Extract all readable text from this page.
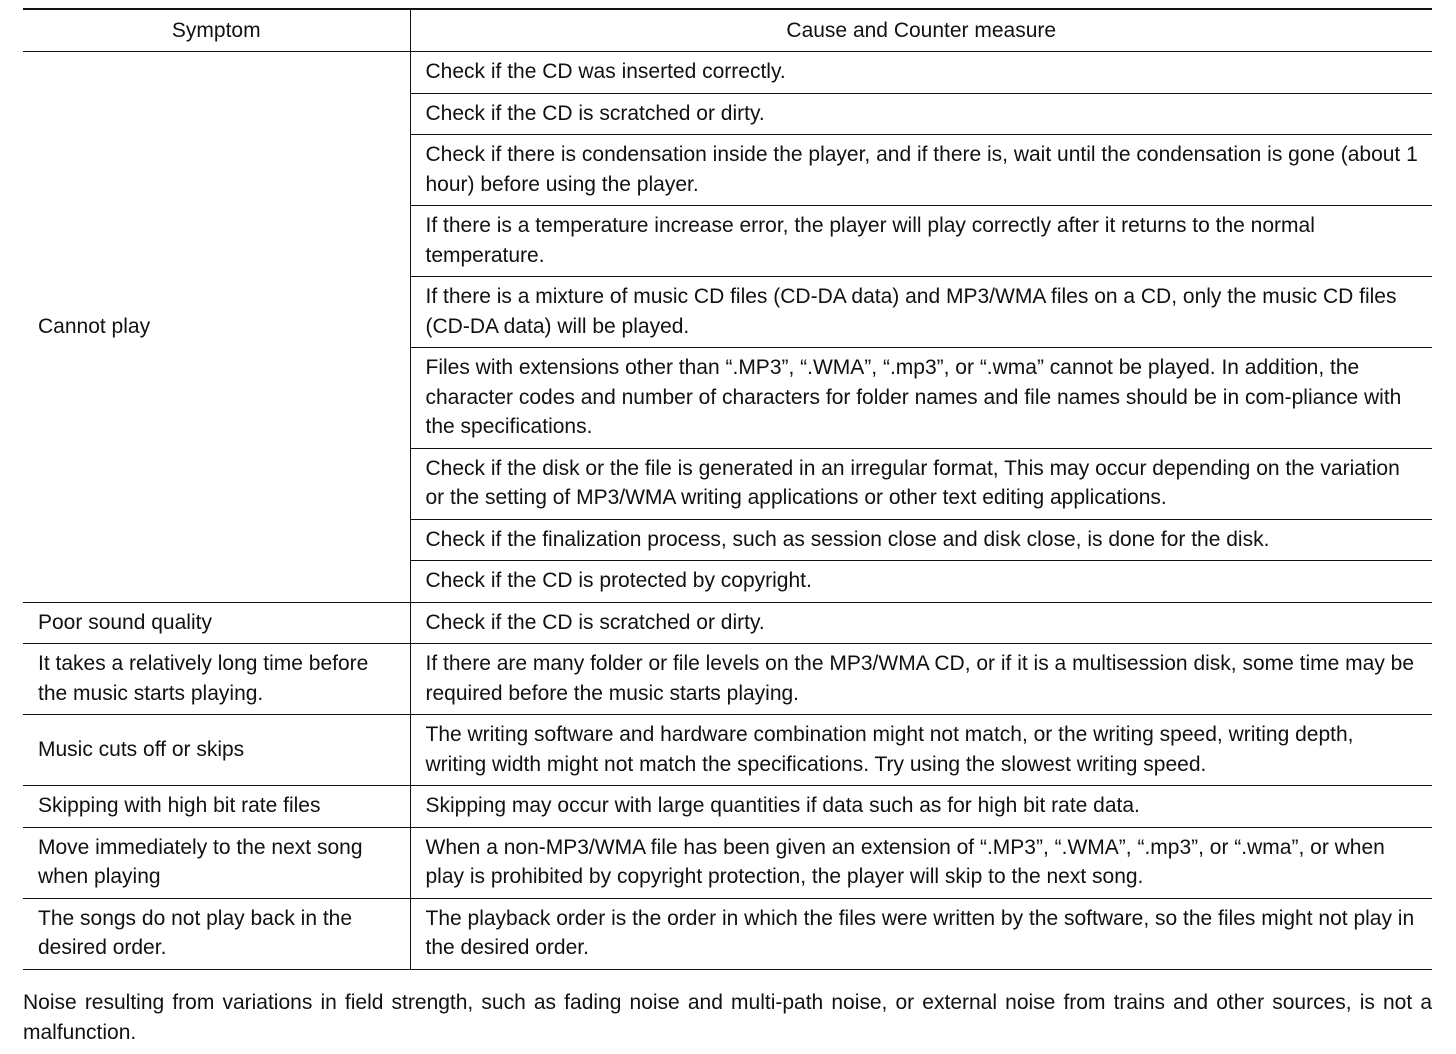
Symptom	Cause and Counter measure
Cannot play	Check if the CD was inserted correctly.
	Check if the CD is scratched or dirty.
	Check if there is condensation inside the player, and if there is, wait until the condensation is gone (about 1 hour) before using the player.
	If there is a temperature increase error, the player will play correctly after it returns to the normal temperature.
	If there is a mixture of music CD files (CD-DA data) and MP3/WMA files on a CD, only the music CD files (CD-DA data) will be played.
	Files with extensions other than “.MP3”, “.WMA”, “.mp3”, or “.wma” cannot be played. In addition, the character codes and number of characters for folder names and file names should be in com-pliance with the specifications.
	Check if the disk or the file is generated in an irregular format, This may occur depending on the variation or the setting of MP3/WMA writing applications or other text editing applications.
	Check if the finalization process, such as session close and disk close, is done for the disk.
	Check if the CD is protected by copyright.
Poor sound quality	Check if the CD is scratched or dirty.
It takes a relatively long time before the music starts playing.	If there are many folder or file levels on the MP3/WMA CD, or if it is a multisession disk, some time may be required before the music starts playing.
Music cuts off or skips	The writing software and hardware combination might not match, or the writing speed, writing depth, writing width might not match the specifications. Try using the slowest writing speed.
Skipping with high bit rate files	Skipping may occur with large quantities if data such as for high bit rate data.
Move immediately to the next song when playing	When a non-MP3/WMA file has been given an extension of “.MP3”, “.WMA”, “.mp3”, or “.wma”, or when play is prohibited by copyright protection, the player will skip to the next song.
The songs do not play back in the desired order.	The playback order is the order in which the files were written by the software, so the files might not play in the desired order.

Noise resulting from variations in field strength, such as fading noise and multi-path noise, or external noise from trains and other sources, is not a malfunction.
